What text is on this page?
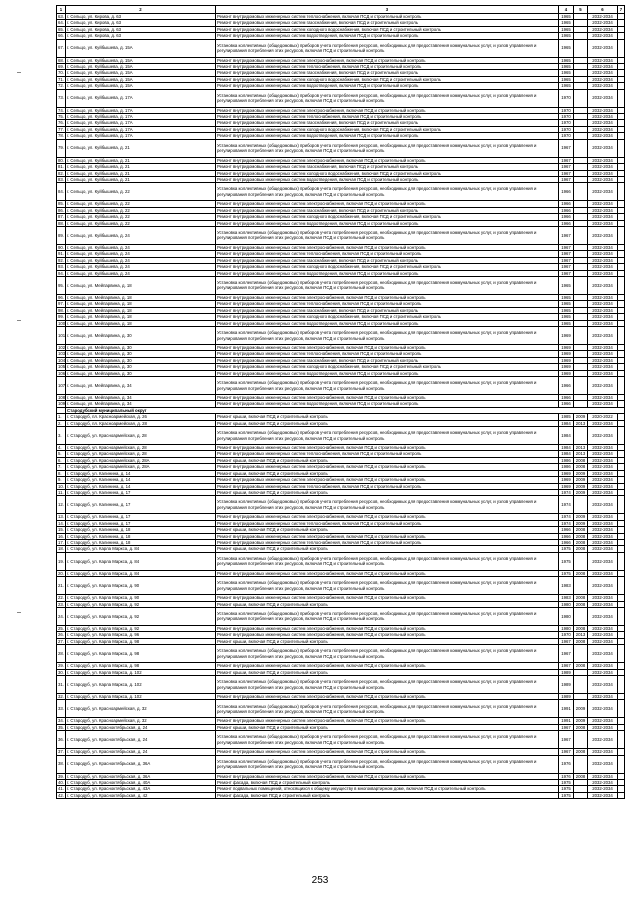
1	2	3	4	5	6	7
63.	г. Сельцо, ул. Кирова, д. 63	Ремонт внутридомовых инженерных систем теплоснабжения, включая ПСД и строительный контроль	1965		2032-2034	
64.	г. Сельцо, ул. Кирова, д. 63	Ремонт внутридомовых инженерных систем газоснабжения, включая ПСД и строительный контроль	1965		2032-2034	
65.	г. Сельцо, ул. Кирова, д. 63	Ремонт внутридомовых инженерных систем холодного водоснабжения, включая ПСД и строительный контроль	1965		2032-2034	
66.	г. Сельцо, ул. Кирова, д. 63	Ремонт внутридомовых инженерных систем водоотведения, включая ПСД и строительный контроль	1965		2032-2034	
67.	г. Сельцо, ул. Куйбышева, д. 15А	Установка коллективных (общедомовых) приборов учета потребления ресурсов, необходимых для предоставления коммунальных услуг, и узлов управления и регулирования потребления этих ресурсов, включая ПСД и строительный контроль	1965		2032-2034	
68.	г. Сельцо, ул. Куйбышева, д. 15А	Ремонт внутридомовых инженерных систем электроснабжения, включая ПСД и строительный контроль	1965		2032-2034	
69.	г. Сельцо, ул. Куйбышева, д. 15А	Ремонт внутридомовых инженерных систем теплоснабжения, включая ПСД и строительный контроль	1965		2032-2034	
70.	г. Сельцо, ул. Куйбышева, д. 15А	Ремонт внутридомовых инженерных систем газоснабжения, включая ПСД и строительный контроль	1965		2032-2034	
71.	г. Сельцо, ул. Куйбышева, д. 15А	Ремонт внутридомовых инженерных систем холодного водоснабжения, включая ПСД и строительный контроль	1965		2032-2034	
72.	г. Сельцо, ул. Куйбышева, д. 15А	Ремонт внутридомовых инженерных систем водоотведения, включая ПСД и строительный контроль	1965		2032-2034	
73.	г. Сельцо, ул. Куйбышева, д. 17А	Установка коллективных (общедомовых) приборов учета потребления ресурсов, необходимых для предоставления коммунальных услуг, и узлов управления и регулирования потребления этих ресурсов, включая ПСД и строительный контроль	1970		2032-2034	
74.	г. Сельцо, ул. Куйбышева, д. 17А	Ремонт внутридомовых инженерных систем электроснабжения, включая ПСД и строительный контроль	1970		2032-2034	
75.	г. Сельцо, ул. Куйбышева, д. 17А	Ремонт внутридомовых инженерных систем теплоснабжения, включая ПСД и строительный контроль	1970		2032-2034	
76.	г. Сельцо, ул. Куйбышева, д. 17А	Ремонт внутридомовых инженерных систем газоснабжения, включая ПСД и строительный контроль	1970		2032-2034	
77.	г. Сельцо, ул. Куйбышева, д. 17А	Ремонт внутридомовых инженерных систем холодного водоснабжения, включая ПСД и строительный контроль	1970		2032-2034	
78.	г. Сельцо, ул. Куйбышева, д. 17А	Ремонт внутридомовых инженерных систем водоотведения, включая ПСД и строительный контроль	1970		2032-2034	
79.	г. Сельцо, ул. Куйбышева, д. 21	Установка коллективных (общедомовых) приборов учета потребления ресурсов, необходимых для предоставления коммунальных услуг, и узлов управления и регулирования потребления этих ресурсов, включая ПСД и строительный контроль	1967		2032-2034	
80.	г. Сельцо, ул. Куйбышева, д. 21	Ремонт внутридомовых инженерных систем электроснабжения, включая ПСД и строительный контроль	1967		2032-2034	
81.	г. Сельцо, ул. Куйбышева, д. 21	Ремонт внутридомовых инженерных систем газоснабжения, включая ПСД и строительный контроль	1967		2032-2034	
82.	г. Сельцо, ул. Куйбышева, д. 21	Ремонт внутридомовых инженерных систем холодного водоснабжения, включая ПСД и строительный контроль	1967		2032-2034	
83.	г. Сельцо, ул. Куйбышева, д. 21	Ремонт внутридомовых инженерных систем водоотведения, включая ПСД и строительный контроль	1967		2032-2034	
84.	г. Сельцо, ул. Куйбышева, д. 22	Установка коллективных (общедомовых) приборов учета потребления ресурсов, необходимых для предоставления коммунальных услуг, и узлов управления и регулирования потребления этих ресурсов, включая ПСД и строительный контроль	1966		2032-2034	
85.	г. Сельцо, ул. Куйбышева, д. 22	Ремонт внутридомовых инженерных систем электроснабжения, включая ПСД и строительный контроль	1966		2032-2034	
86.	г. Сельцо, ул. Куйбышева, д. 22	Ремонт внутридомовых инженерных систем газоснабжения, включая ПСД и строительный контроль	1966		2032-2034	
87.	г. Сельцо, ул. Куйбышева, д. 22	Ремонт внутридомовых инженерных систем холодного водоснабжения, включая ПСД и строительный контроль	1966		2032-2034	
88.	г. Сельцо, ул. Куйбышева, д. 22	Ремонт внутридомовых инженерных систем водоотведения, включая ПСД и строительный контроль	1966		2032-2034	
89.	г. Сельцо, ул. Куйбышева, д. 24	Установка коллективных (общедомовых) приборов учета потребления ресурсов, необходимых для предоставления коммунальных услуг, и узлов управления и регулирования потребления этих ресурсов, включая ПСД и строительный контроль	1967		2032-2034	
90.	г. Сельцо, ул. Куйбышева, д. 24	Ремонт внутридомовых инженерных систем электроснабжения, включая ПСД и строительный контроль	1967		2032-2034	
91.	г. Сельцо, ул. Куйбышева, д. 24	Ремонт внутридомовых инженерных систем теплоснабжения, включая ПСД и строительный контроль	1967		2032-2034	
92.	г. Сельцо, ул. Куйбышева, д. 24	Ремонт внутридомовых инженерных систем газоснабжения, включая ПСД и строительный контроль	1967		2032-2034	
93.	г. Сельцо, ул. Куйбышева, д. 24	Ремонт внутридомовых инженерных систем холодного водоснабжения, включая ПСД и строительный контроль	1967		2032-2034	
94.	г. Сельцо, ул. Куйбышева, д. 24	Ремонт внутридомовых инженерных систем водоотведения, включая ПСД и строительный контроль	1967		2032-2034	
95.	г. Сельцо, ул. Мейпарвина, д. 18	Установка коллективных (общедомовых) приборов учета потребления ресурсов, необходимых для предоставления коммунальных услуг, и узлов управления и регулирования потребления этих ресурсов, включая ПСД и строительный контроль	1965		2032-2034	
96.	г. Сельцо, ул. Мейпарвина, д. 18	Ремонт внутридомовых инженерных систем электроснабжения, включая ПСД и строительный контроль	1965		2032-2034	
97.	г. Сельцо, ул. Мейпарвина, д. 18	Ремонт внутридомовых инженерных систем теплоснабжения, включая ПСД и строительный контроль	1965		2032-2034	
98.	г. Сельцо, ул. Мейпарвина, д. 18	Ремонт внутридомовых инженерных систем газоснабжения, включая ПСД и строительный контроль	1965		2032-2034	
99.	г. Сельцо, ул. Мейпарвина, д. 18	Ремонт внутридомовых инженерных систем холодного водоснабжения, включая ПСД и строительный контроль	1965		2032-2034	
100.	г. Сельцо, ул. Мейпарвина, д. 18	Ремонт внутридомовых инженерных систем водоотведения, включая ПСД и строительный контроль	1965		2032-2034	
101.	г. Сельцо, ул. Мейпарвина, д. 30	Установка коллективных (общедомовых) приборов учета потребления ресурсов, необходимых для предоставления коммунальных услуг, и узлов управления и регулирования потребления этих ресурсов, включая ПСД и строительный контроль	1969		2032-2034	
102.	г. Сельцо, ул. Мейпарвина, д. 30	Ремонт внутридомовых инженерных систем электроснабжения, включая ПСД и строительный контроль	1969		2032-2034	
103.	г. Сельцо, ул. Мейпарвина, д. 30	Ремонт внутридомовых инженерных систем теплоснабжения, включая ПСД и строительный контроль	1969		2032-2034	
104.	г. Сельцо, ул. Мейпарвина, д. 30	Ремонт внутридомовых инженерных систем газоснабжения, включая ПСД и строительный контроль	1969		2032-2034	
105.	г. Сельцо, ул. Мейпарвина, д. 30	Ремонт внутридомовых инженерных систем холодного водоснабжения, включая ПСД и строительный контроль	1969		2032-2034	
106.	г. Сельцо, ул. Мейпарвина, д. 30	Ремонт внутридомовых инженерных систем водоотведения, включая ПСД и строительный контроль	1969		2032-2034	
107.	г. Сельцо, ул. Мейпарвина, д. 34	Установка коллективных (общедомовых) приборов учета потребления ресурсов, необходимых для предоставления коммунальных услуг, и узлов управления и регулирования потребления этих ресурсов, включая ПСД и строительный контроль	1966		2032-2034	
108.	г. Сельцо, ул. Мейпарвина, д. 34	Ремонт внутридомовых инженерных систем электроснабжения, включая ПСД и строительный контроль	1966		2032-2034	
109.	г. Сельцо, ул. Мейпарвина, д. 34	Ремонт внутридомовых инженерных систем водоотведения, включая ПСД и строительный контроль	1966		2032-2034	
	Стародубский муниципальный округ					
1.	г. Стародуб, пл. Красноармейская, д. 26	Ремонт крыши, включая ПСД и строительный контроль	1985	2009	2020-2022	
2.	г. Стародуб, пл. Красноармейская, д. 28	Ремонт крыши, включая ПСД и строительный контроль	1984	2013	2032-2034	
3.	г. Стародуб, ул. Красноармейская, д. 28	Установка коллективных (общедомовых) приборов учета потребления ресурсов, необходимых для предоставления коммунальных услуг, и узлов управления и регулирования потребления этих ресурсов, включая ПСД и строительный контроль	1984		2032-2034	
4.	г. Стародуб, ул. Красноармейская, д. 28	Ремонт внутридомовых инженерных систем электроснабжения, включая ПСД и строительный контроль	1984	2013	2032-2034	
5.	г. Стародуб, ул. Красноармейская, д. 28	Ремонт внутридомовых инженерных систем теплоснабжения, включая ПСД и строительный контроль	1984	2013	2032-2034	
6.	г. Стародуб, ул. Красноармейская, д. 28А	Ремонт крыши, включая ПСД и строительный контроль	1986	2008	2032-2034	
7.	г. Стародуб, ул. Красноармейская, д. 28А	Ремонт внутридомовых инженерных систем электроснабжения, включая ПСД и строительный контроль	1986	2008	2032-2034	
8.	г. Стародуб, ул. Калинина, д. 14	Ремонт крыши, включая ПСД и строительный контроль	1969	2009	2032-2034	
9.	г. Стародуб, ул. Калинина, д. 14	Ремонт внутридомовых инженерных систем электроснабжения, включая ПСД и строительный контроль	1969	2009	2032-2034	
10.	г. Стародуб, ул. Калинина, д. 14	Ремонт внутридомовых инженерных систем теплоснабжения, включая ПСД и строительный контроль	1969	2009	2032-2034	
11.	г. Стародуб, ул. Калинина, д. 17	Ремонт крыши, включая ПСД и строительный контроль	1974	2009	2032-2034	
12.	г. Стародуб, ул. Калинина, д. 17	Установка коллективных (общедомовых) приборов учета потребления ресурсов, необходимых для предоставления коммунальных услуг, и узлов управления и регулирования потребления этих ресурсов, включая ПСД и строительный контроль	1974		2032-2034	
13.	г. Стародуб, ул. Калинина, д. 17	Ремонт внутридомовых инженерных систем электроснабжения, включая ПСД и строительный контроль	1974	2009	2032-2034	
14.	г. Стародуб, ул. Калинина, д. 17	Ремонт внутридомовых инженерных систем теплоснабжения, включая ПСД и строительный контроль	1974	2009	2032-2034	
15.	г. Стародуб, ул. Калинина, д. 18	Ремонт крыши, включая ПСД и строительный контроль	1966	2008	2032-2034	
16.	г. Стародуб, ул. Калинина, д. 18	Ремонт внутридомовых инженерных систем электроснабжения, включая ПСД и строительный контроль	1966	2008	2032-2034	
17.	г. Стародуб, ул. Калинина, д. 18	Ремонт внутридомовых инженерных систем теплоснабжения, включая ПСД и строительный контроль	1966	2008	2032-2034	
18.	г. Стародуб, ул. Карла Маркса, д. 84	Ремонт крыши, включая ПСД и строительный контроль	1975	2008	2032-2034	
19.	г. Стародуб, ул. Карла Маркса, д. 84	Установка коллективных (общедомовых) приборов учета потребления ресурсов, необходимых для предоставления коммунальных услуг, и узлов управления и регулирования потребления этих ресурсов, включая ПСД и строительный контроль	1975		2032-2034	
20.	г. Стародуб, ул. Карла Маркса, д. 84	Ремонт внутридомовых инженерных систем электроснабжения, включая ПСД и строительный контроль	1975	2008	2032-2034	
21.	г. Стародуб, ул. Карла Маркса, д. 90	Установка коллективных (общедомовых) приборов учета потребления ресурсов, необходимых для предоставления коммунальных услуг, и узлов управления и регулирования потребления этих ресурсов, включая ПСД и строительный контроль	1983		2032-2034	
22.	г. Стародуб, ул. Карла Маркса, д. 90	Ремонт внутридомовых инженерных систем электроснабжения, включая ПСД и строительный контроль	1983	2008	2032-2034	
23.	г. Стародуб, ул. Карла Маркса, д. 92	Ремонт крыши, включая ПСД и строительный контроль	1980	2008	2032-2034	
24.	г. Стародуб, ул. Карла Маркса, д. 92	Установка коллективных (общедомовых) приборов учета потребления ресурсов, необходимых для предоставления коммунальных услуг, и узлов управления и регулирования потребления этих ресурсов, включая ПСД и строительный контроль	1980		2032-2034	
25.	г. Стародуб, ул. Карла Маркса, д. 92	Ремонт внутридомовых инженерных систем электроснабжения, включая ПСД и строительный контроль	1980	2008	2032-2034	
26.	г. Стародуб, ул. Карла Маркса, д. 96	Ремонт внутридомовых инженерных систем электроснабжения, включая ПСД и строительный контроль	1970	2013	2032-2034	
27.	г. Стародуб, ул. Карла Маркса, д. 98	Ремонт крыши, включая ПСД и строительный контроль	1967	2008	2032-2034	
28.	г. Стародуб, ул. Карла Маркса, д. 98	Установка коллективных (общедомовых) приборов учета потребления ресурсов, необходимых для предоставления коммунальных услуг, и узлов управления и регулирования потребления этих ресурсов, включая ПСД и строительный контроль	1967		2032-2034	
29.	г. Стародуб, ул. Карла Маркса, д. 98	Ремонт внутридомовых инженерных систем электроснабжения, включая ПСД и строительный контроль	1967	2008	2032-2034	
30.	г. Стародуб, ул. Карла Маркса, д. 102	Ремонт крыши, включая ПСД и строительный контроль	1989		2032-2034	
31.	г. Стародуб, ул. Карла Маркса, д. 102	Установка коллективных (общедомовых) приборов учета потребления ресурсов, необходимых для предоставления коммунальных услуг, и узлов управления и регулирования потребления этих ресурсов, включая ПСД и строительный контроль	1989		2032-2034	
32.	г. Стародуб, ул. Карла Маркса, д. 102	Ремонт внутридомовых инженерных систем электроснабжения, включая ПСД и строительный контроль	1989		2032-2034	
33.	г. Стародуб, ул. Красноармейская, д. 32	Установка коллективных (общедомовых) приборов учета потребления ресурсов, необходимых для предоставления коммунальных услуг, и узлов управления и регулирования потребления этих ресурсов, включая ПСД и строительный контроль	1991	2009	2032-2034	
34.	г. Стародуб, ул. Красноармейская, д. 32	Ремонт внутридомовых инженерных систем электроснабжения, включая ПСД и строительный контроль	1991	2009	2032-2034	
35.	г. Стародуб, ул. Красноктябрьская, д. 24	Ремонт крыши, включая ПСД и строительный контроль	1967	2008	2032-2034	
36.	г. Стародуб, ул. Красноктябрьская, д. 24	Установка коллективных (общедомовых) приборов учета потребления ресурсов, необходимых для предоставления коммунальных услуг, и узлов управления и регулирования потребления этих ресурсов, включая ПСД и строительный контроль	1967		2032-2034	
37.	г. Стародуб, ул. Красноктябрьская, д. 24	Ремонт внутридомовых инженерных систем электроснабжения, включая ПСД и строительный контроль	1967	2008	2032-2034	
38.	г. Стародуб, ул. Красноктябрьская, д. 36А	Установка коллективных (общедомовых) приборов учета потребления ресурсов, необходимых для предоставления коммунальных услуг, и узлов управления и регулирования потребления этих ресурсов, включая ПСД и строительный контроль	1976		2032-2034	
39.	г. Стародуб, ул. Красноктябрьская, д. 36А	Ремонт внутридомовых инженерных систем электроснабжения, включая ПСД и строительный контроль	1976	2008	2032-2034	
40.	г. Стародуб, ул. Красноктябрьская, д. 40А	Ремонт фасада, включая ПСД и строительный контроль	1975		2032-2034	
41.	г. Стародуб, ул. Красноктябрьская, д. 43А	Ремонт подвальных помещений, относящихся к общему имуществу в многоквартирном доме, включая ПСД и строительный контроль	1975		2032-2034	
42.	г. Стародуб, ул. Красноктябрьская, д. 42	Ремонт фасада, включая ПСД и строительный контроль	1975		2032-2034	
253
